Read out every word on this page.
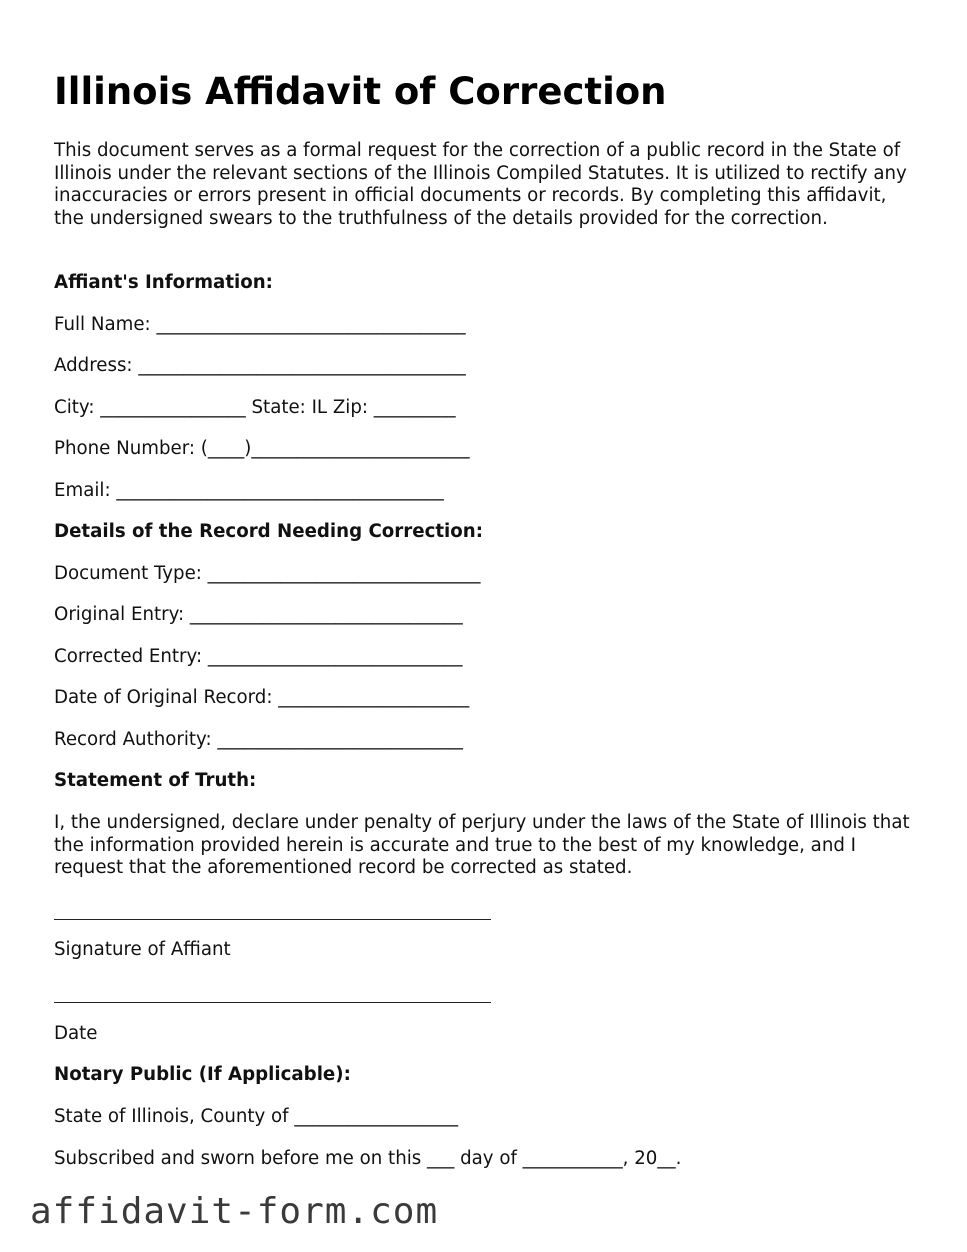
Illinois Affidavit of Correction

This document serves as a formal request for the correction of a public record in the State of Illinois under the relevant sections of the Illinois Compiled Statutes. It is utilized to rectify any inaccuracies or errors present in official documents or records. By completing this affidavit, the undersigned swears to the truthfulness of the details provided for the correction.

Affiant's Information:

Full Name: __________________________________

Address: ____________________________________

City: ________________ State: IL Zip: _________

Phone Number: (____)________________________

Email: ____________________________________

Details of the Record Needing Correction:

Document Type: ______________________________

Original Entry: ______________________________

Corrected Entry: ____________________________

Date of Original Record: _____________________

Record Authority: ___________________________

Statement of Truth:

I, the undersigned, declare under penalty of perjury under the laws of the State of Illinois that the information provided herein is accurate and true to the best of my knowledge, and I request that the aforementioned record be corrected as stated.

Signature of Affiant

Date

Notary Public (If Applicable):

State of Illinois, County of __________________

Subscribed and sworn before me on this ___ day of ___________, 20__.

affidavit-form.com
